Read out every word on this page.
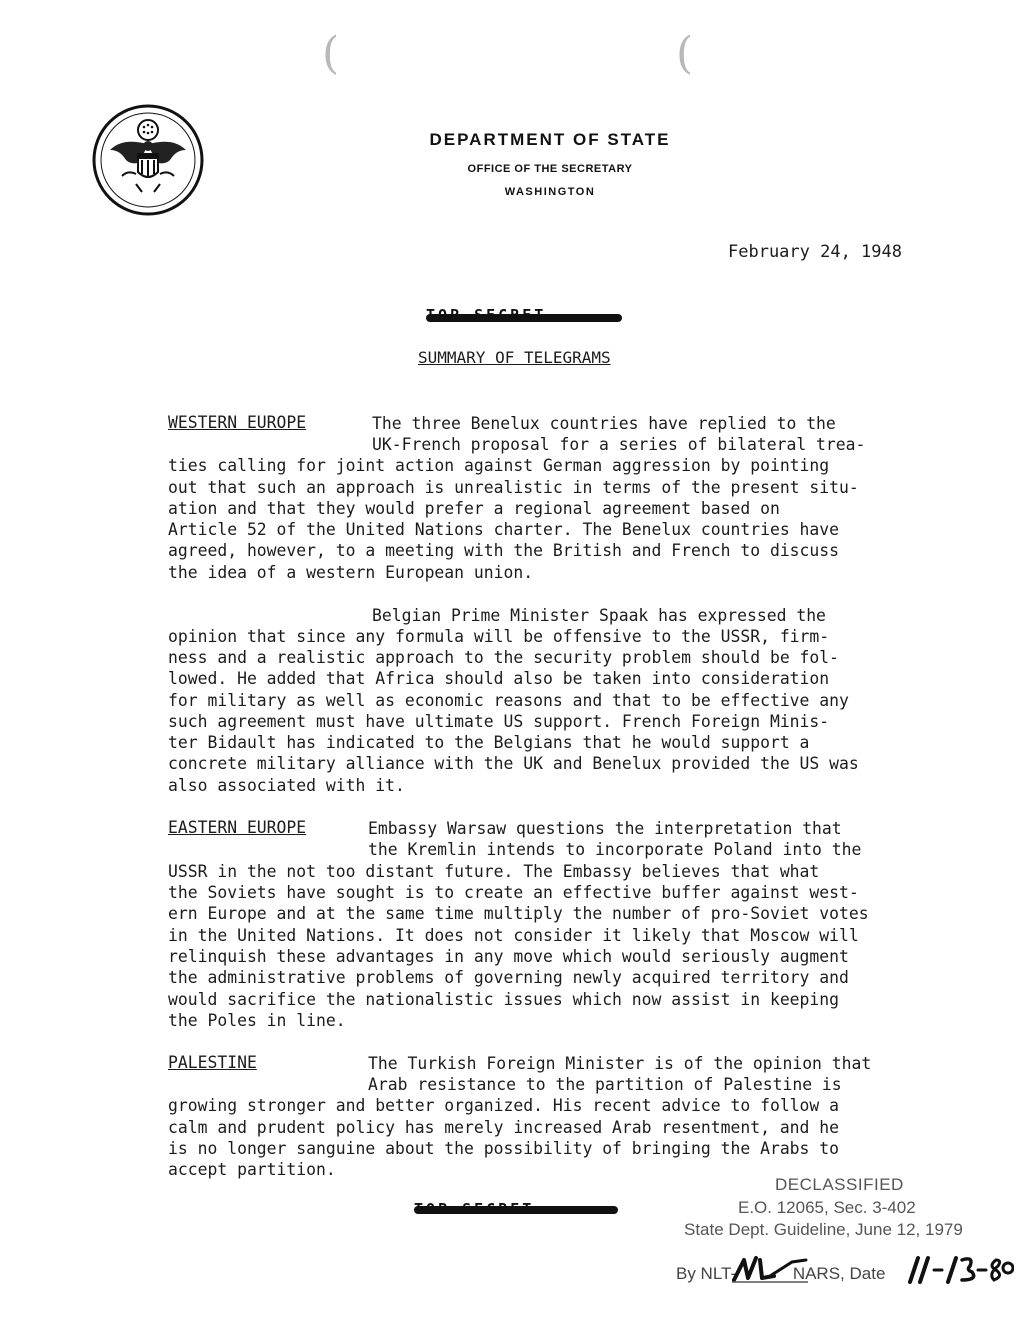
(	(
DEPARTMENT OF STATE
OFFICE OF THE SECRETARY
WASHINGTON
February 24, 1948
SUMMARY OF TELEGRAMS
WESTERN EUROPE	The three Benelux countries have replied to the
UK-French proposal for a series of bilateral trea-
ties calling for joint action against German aggression by pointing
out that such an approach is unrealistic in terms of the present situ-
ation and that they would prefer a regional agreement based on
Article 52 of the United Nations charter. The Benelux countries have
agreed, however, to a meeting with the British and French to discuss
the idea of a western European union.
Belgian Prime Minister Spaak has expressed the
opinion that since any formula will be offensive to the USSR, firm-
ness and a realistic approach to the security problem should be fol-
lowed. He added that Africa should also be taken into consideration
for military as well as economic reasons and that to be effective any
such agreement must have ultimate US support. French Foreign Minis-
ter Bidault has indicated to the Belgians that he would support a
concrete military alliance with the UK and Benelux provided the US was
also associated with it.
EASTERN EUROPE	Embassy Warsaw questions the interpretation that
the Kremlin intends to incorporate Poland into the
USSR in the not too distant future. The Embassy believes that what
the Soviets have sought is to create an effective buffer against west-
ern Europe and at the same time multiply the number of pro-Soviet votes
in the United Nations. It does not consider it likely that Moscow will
relinquish these advantages in any move which would seriously augment
the administrative problems of governing newly acquired territory and
would sacrifice the nationalistic issues which now assist in keeping
the Poles in line.
PALESTINE	The Turkish Foreign Minister is of the opinion that
Arab resistance to the partition of Palestine is
growing stronger and better organized. His recent advice to follow a
calm and prudent policy has merely increased Arab resentment, and he
is no longer sanguine about the possibility of bringing the Arabs to
accept partition.
DECLASSIFIED
E.O. 12065, Sec. 3-402
State Dept. Guideline, June 12, 1979
By NLT-            NARS, Date
